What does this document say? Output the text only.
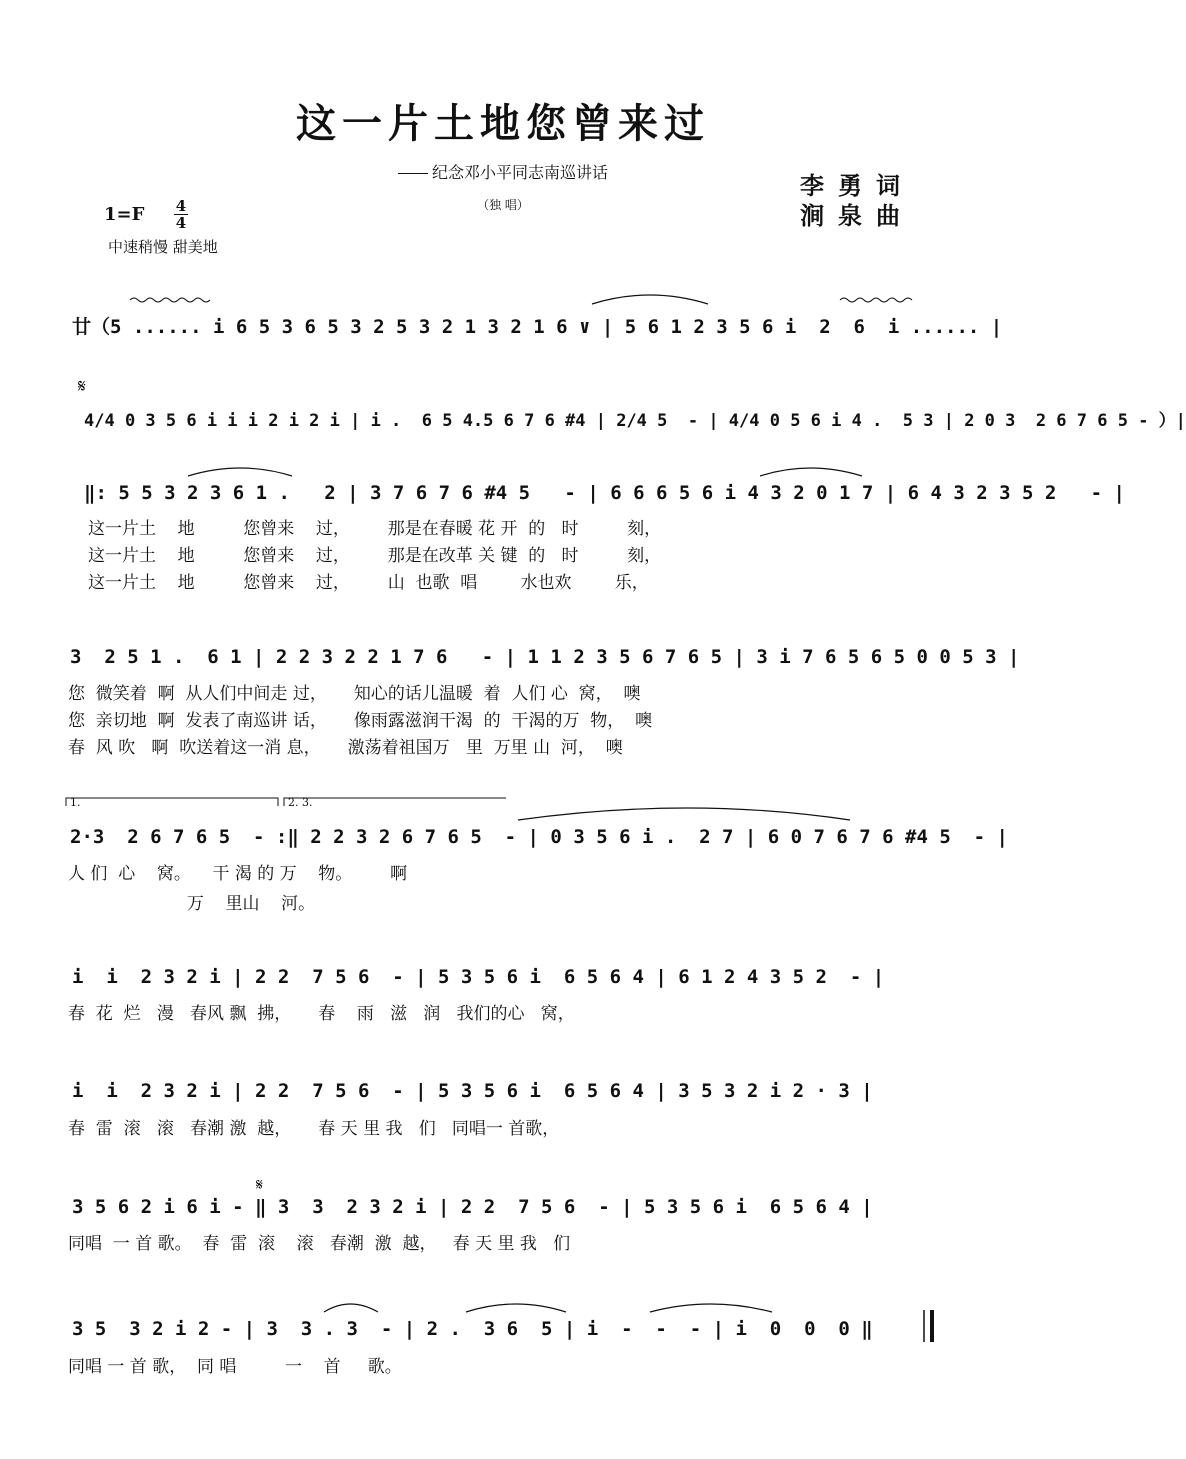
这一片土地您曾来过
纪念邓小平同志南巡讲话
（独 唱）
李勇词
涧泉曲
1=F 4
4
中速稍慢 甜美地
廿（5 ...... i 6 5 3 6 5 3 2 5 3 2 1 3 2 1 6 ∨ | 5 6 1 2 3 5 6 i  2  6  i ...... |
4/4 0 3 5 6 i i i 2 i 2 i | i .  6 5 4.5 6 7 6 #4 | 2/4 5  - | 4/4 0 5 6 i 4 .  5 3 | 2 0 3  2 6 7 6 5 - ）|
‖: 5 5 3 2 3 6 1 .   2 | 3 7 6 7 6 #4 5   - | 6 6 6 5 6 i 4 3 2 0 1 7 | 6 4 3 2 3 5 2   - |
这一片土    地         您曾来    过，       那是在春暖 花 开  的   时         刻，
这一片土    地         您曾来    过，       那是在改革 关 键  的   时         刻，
这一片土    地         您曾来    过，       山  也歌  唱        水也欢        乐，
3  2 5 1 .  6 1 | 2 2 3 2 2 1 7 6   - | 1 1 2 3 5 6 7 6 5 | 3 i 7 6 5 6 5 0 0 5 3 |
您  微笑着  啊  从人们中间走 过，     知心的话儿温暖  着  人们 心  窝，  噢
您  亲切地  啊  发表了南巡讲 话，     像雨露滋润干渴  的  干渴的万  物，  噢
春  风 吹   啊  吹送着这一消 息，     激荡着祖国万   里  万里 山  河，  噢
1.	2. 3.
2·3  2 6 7 6 5  - :‖ 2 2 3 2 6 7 6 5  - | 0 3 5 6 i .  2 7 | 6 0 7 6 7 6 #4 5  - |
人 们  心    窝。    干 渴 的 万    物。       啊
万    里山    河。
i  i  2 3 2 i | 2 2  7 5 6  - | 5 3 5 6 i  6 5 6 4 | 6 1 2 4 3 5 2  - |
春  花  烂   漫   春风 飘  拂，     春    雨   滋   润   我们的心   窝，
i  i  2 3 2 i | 2 2  7 5 6  - | 5 3 5 6 i  6 5 6 4 | 3 5 3 2 i 2 · 3 |
春  雷  滚   滚   春潮 激  越，     春 天 里 我   们   同唱一 首歌，
3 5 6 2 i 6 i - ‖ 3  3  2 3 2 i | 2 2  7 5 6  - | 5 3 5 6 i  6 5 6 4 |
同唱  一 首 歌。  春  雷  滚    滚   春潮  激  越，   春 天 里 我   们
3 5  3 2 i 2 - | 3  3 . 3  - | 2 .  3 6  5 | i  -  -  - | i  0  0  0 ‖
同唱 一 首 歌，  同 唱         一    首     歌。
𝄋
𝄋
